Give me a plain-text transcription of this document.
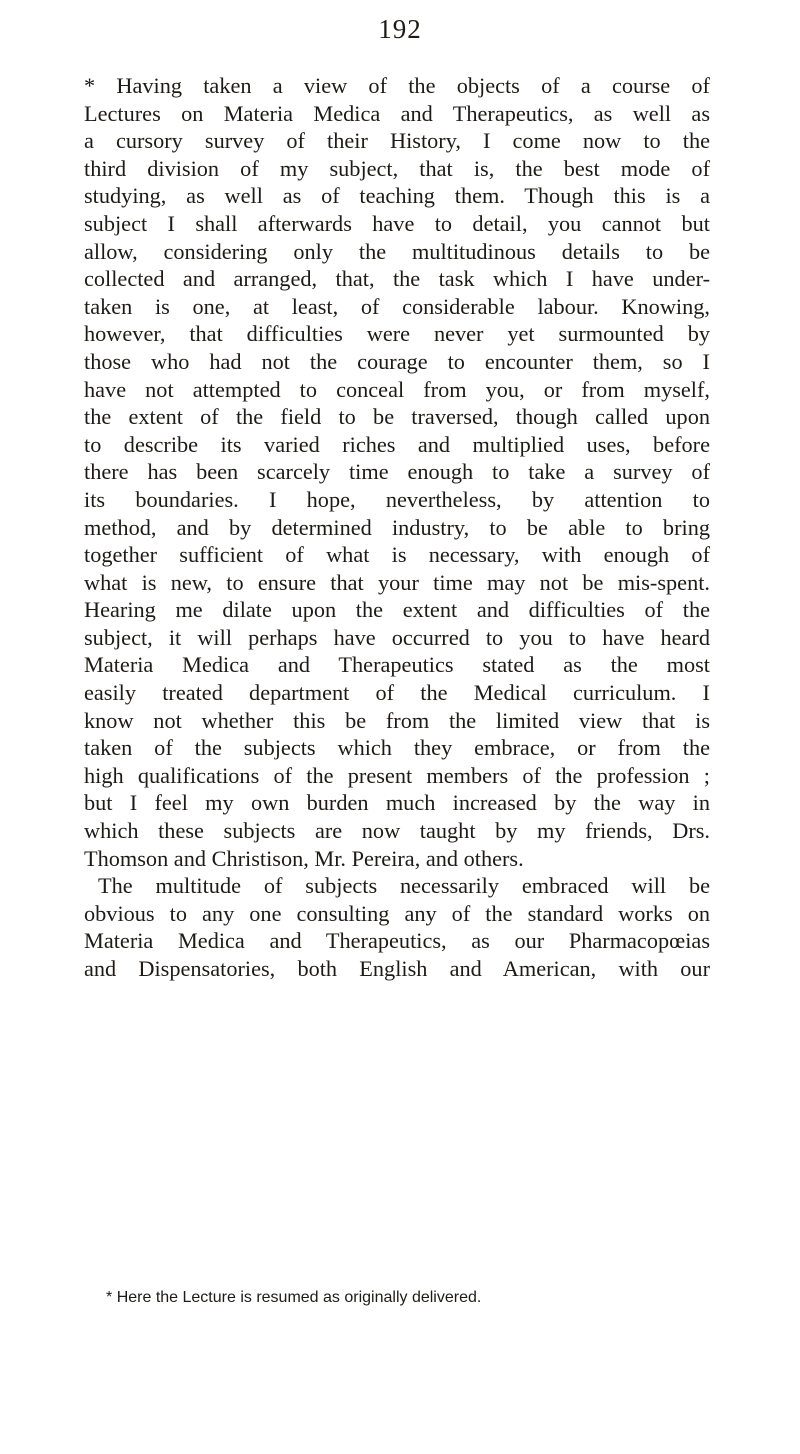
192
* Having taken a view of the objects of a course of
Lectures on Materia Medica and Therapeutics, as well as
a cursory survey of their History, I come now to the
third division of my subject, that is, the best mode of
studying, as well as of teaching them. Though this is a
subject I shall afterwards have to detail, you cannot but
allow, considering only the multitudinous details to be
collected and arranged, that, the task which I have under-
taken is one, at least, of considerable labour. Knowing,
however, that difficulties were never yet surmounted by
those who had not the courage to encounter them, so I
have not attempted to conceal from you, or from myself,
the extent of the field to be traversed, though called upon
to describe its varied riches and multiplied uses, before
there has been scarcely time enough to take a survey of
its boundaries. I hope, nevertheless, by attention to
method, and by determined industry, to be able to bring
together sufficient of what is necessary, with enough of
what is new, to ensure that your time may not be mis-spent.
Hearing me dilate upon the extent and difficulties of the
subject, it will perhaps have occurred to you to have heard
Materia Medica and Therapeutics stated as the most
easily treated department of the Medical curriculum. I
know not whether this be from the limited view that is
taken of the subjects which they embrace, or from the
high qualifications of the present members of the profession ;
but I feel my own burden much increased by the way in
which these subjects are now taught by my friends, Drs.
Thomson and Christison, Mr. Pereira, and others.
The multitude of subjects necessarily embraced will be
obvious to any one consulting any of the standard works on
Materia Medica and Therapeutics, as our Pharmacopœias
and Dispensatories, both English and American, with our
* Here the Lecture is resumed as originally delivered.
